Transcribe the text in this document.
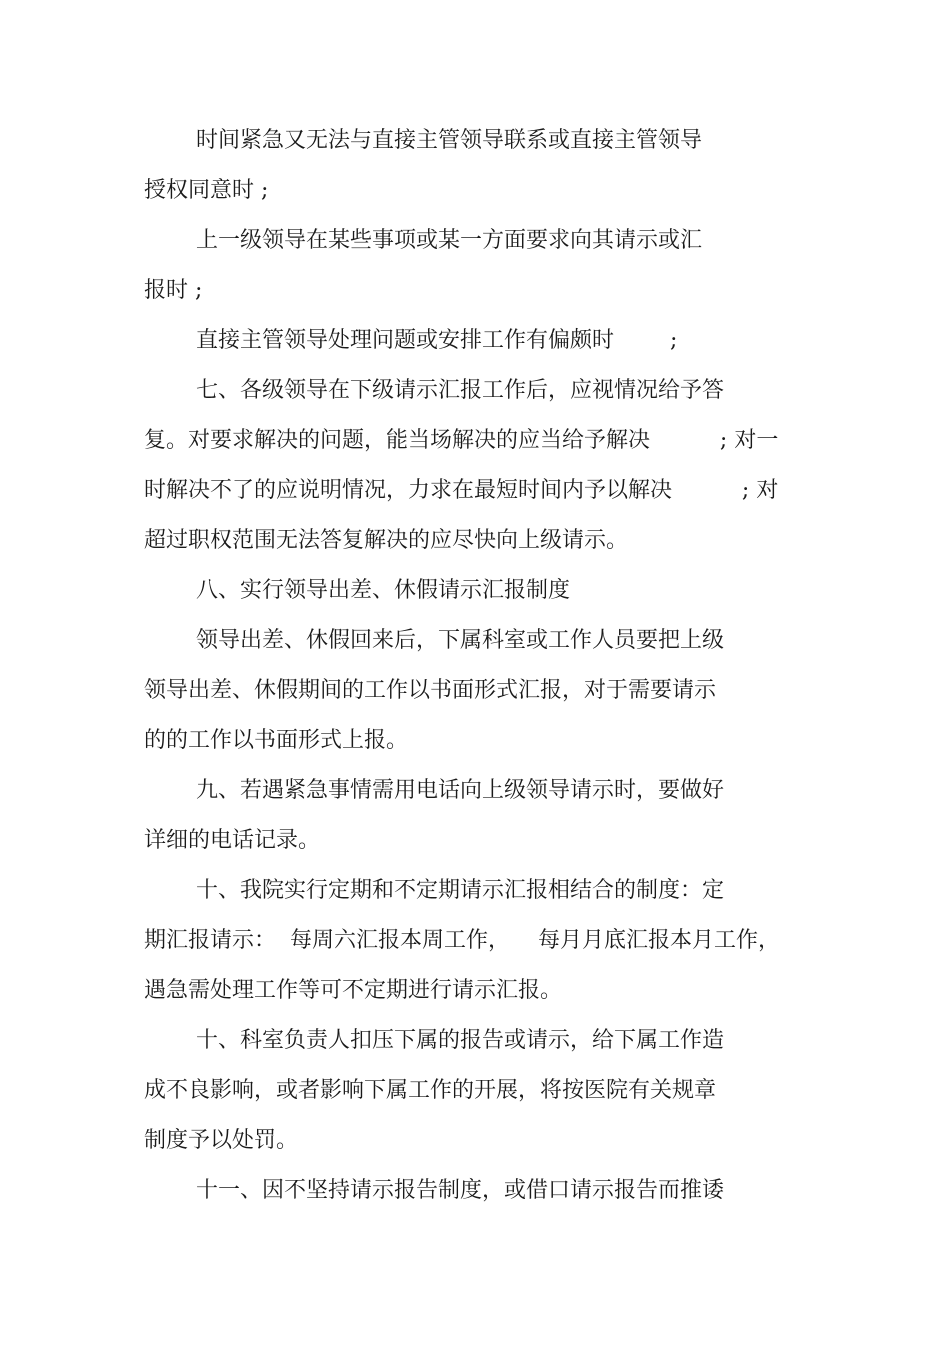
时间紧急又无法与直接主管领导联系或直接主管领导
授权同意时 ;
上一级领导在某些事项或某一方面要求向其请示或汇
报时 ;
直接主管领导处理问题或安排工作有偏颇时        ;
七、各级领导在下级请示汇报工作后，应视情况给予答
复。对要求解决的问题，能当场解决的应当给予解决          ; 对一
时解决不了的应说明情况，力求在最短时间内予以解决          ; 对
超过职权范围无法答复解决的应尽快向上级请示。
八、实行领导出差、休假请示汇报制度
领导出差、休假回来后，下属科室或工作人员要把上级
领导出差、休假期间的工作以书面形式汇报，对于需要请示
的的工作以书面形式上报。
九、若遇紧急事情需用电话向上级领导请示时，要做好
详细的电话记录。
十、我院实行定期和不定期请示汇报相结合的制度：定
期汇报请示：  每周六汇报本周工作，    每月月底汇报本月工作，
遇急需处理工作等可不定期进行请示汇报。
十、科室负责人扣压下属的报告或请示，给下属工作造
成不良影响，或者影响下属工作的开展，将按医院有关规章
制度予以处罚。
十一、因不坚持请示报告制度，或借口请示报告而推诿
